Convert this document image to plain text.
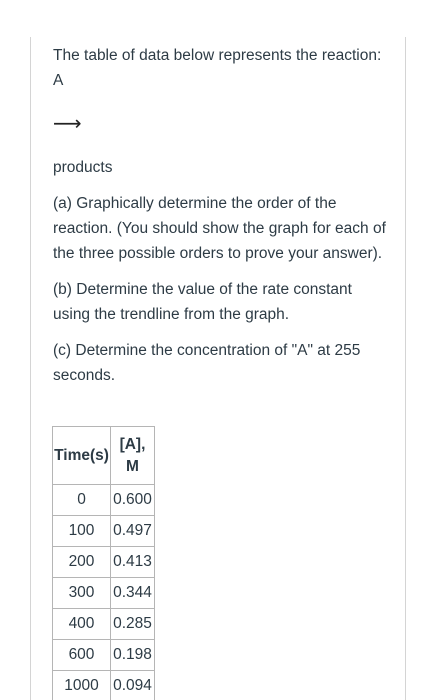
The table of data below represents the reaction: A

⟶

products

(a) Graphically determine the order of the reaction. (You should show the graph for each of the three possible orders to prove your answer).

(b) Determine the value of the rate constant using the trendline from the graph.

(c) Determine the concentration of "A" at 255 seconds.

Time(s)	[A], M
0	0.600
100	0.497
200	0.413
300	0.344
400	0.285
600	0.198
1000	0.094
